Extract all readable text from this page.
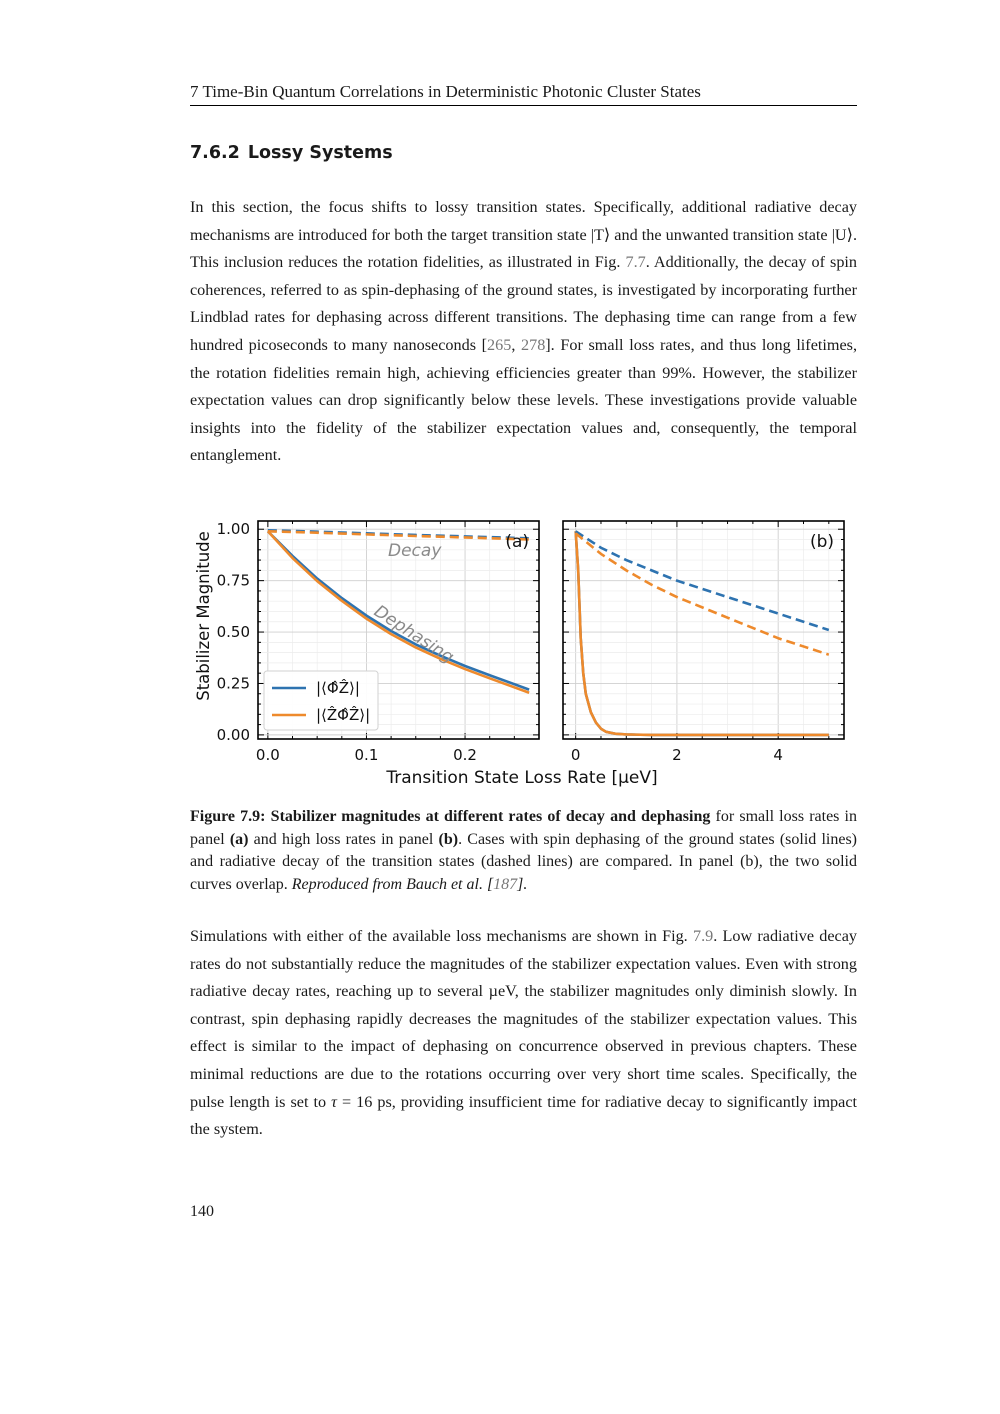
7 Time-Bin Quantum Correlations in Deterministic Photonic Cluster States
7.6.2 Lossy Systems

In this section, the focus shifts to lossy transition states. Specifically, additional radiative decay mechanisms are introduced for both the target transition state |T⟩ and the unwanted transition state |U⟩. This inclusion reduces the rotation fidelities, as illustrated in Fig. 7.7. Additionally, the decay of spin coherences, referred to as spin-dephasing of the ground states, is investigated by incorporating further Lindblad rates for dephasing across different transitions. The dephasing time can range from a few hundred picoseconds to many nanoseconds [265, 278]. For small loss rates, and thus long lifetimes, the rotation fidelities remain high, achieving efficiencies greater than 99%. However, the stabilizer expectation values can drop significantly below these levels. These investigations provide valuable insights into the fidelity of the stabilizer expectation values and, consequently, the temporal entanglement.

0.0	0.1	0.2
0.00
0.25
0.50
0.75
1.00
(a)
Decay
Dephasing
|⟨Φ̂Ẑ⟩|
|⟨ẐΦ̂Ẑ⟩|
0	2	4
(b)
Stabilizer Magnitude
Transition State Loss Rate [µeV]

Figure 7.9: Stabilizer magnitudes at different rates of decay and dephasing for small loss rates in panel (a) and high loss rates in panel (b). Cases with spin dephasing of the ground states (solid lines) and radiative decay of the transition states (dashed lines) are compared. In panel (b), the two solid curves overlap. Reproduced from Bauch et al. [187].

Simulations with either of the available loss mechanisms are shown in Fig. 7.9. Low radiative decay rates do not substantially reduce the magnitudes of the stabilizer expectation values. Even with strong radiative decay rates, reaching up to several µeV, the stabilizer magnitudes only diminish slowly. In contrast, spin dephasing rapidly decreases the magnitudes of the stabilizer expectation values. This effect is similar to the impact of dephasing on concurrence observed in previous chapters. These minimal reductions are due to the rotations occurring over very short time scales. Specifically, the pulse length is set to τ = 16 ps, providing insufficient time for radiative decay to significantly impact the system.

140
